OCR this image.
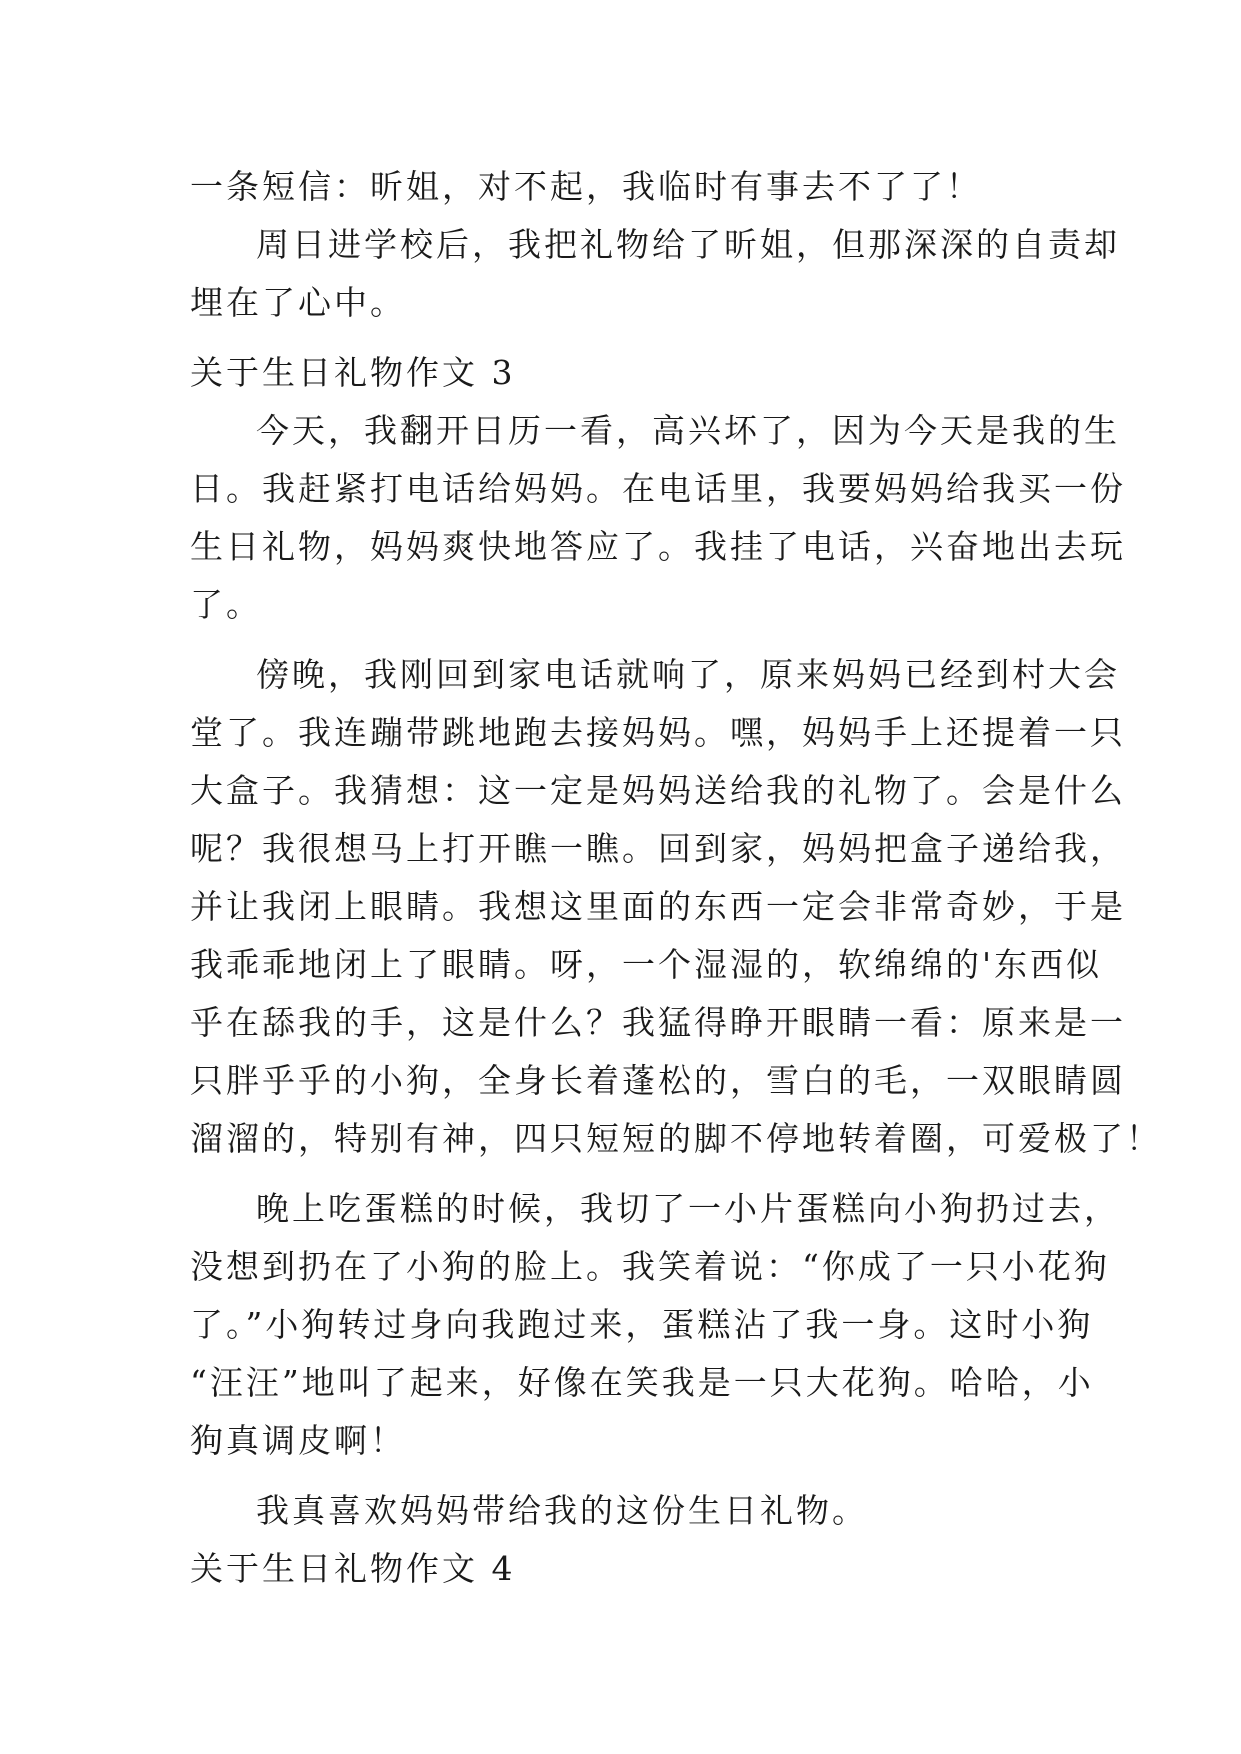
一条短信：昕姐，对不起，我临时有事去不了了！
周日进学校后，我把礼物给了昕姐，但那深深的自责却
埋在了心中。
关于生日礼物作文 3
今天，我翻开日历一看，高兴坏了，因为今天是我的生
日。我赶紧打电话给妈妈。在电话里，我要妈妈给我买一份
生日礼物，妈妈爽快地答应了。我挂了电话，兴奋地出去玩
了。
傍晚，我刚回到家电话就响了，原来妈妈已经到村大会
堂了。我连蹦带跳地跑去接妈妈。嘿，妈妈手上还提着一只
大盒子。我猜想：这一定是妈妈送给我的礼物了。会是什么
呢？我很想马上打开瞧一瞧。回到家，妈妈把盒子递给我，
并让我闭上眼睛。我想这里面的东西一定会非常奇妙，于是
我乖乖地闭上了眼睛。呀，一个湿湿的，软绵绵的'东西似
乎在舔我的手，这是什么？我猛得睁开眼睛一看：原来是一
只胖乎乎的小狗，全身长着蓬松的，雪白的毛，一双眼睛圆
溜溜的，特别有神，四只短短的脚不停地转着圈，可爱极了！
晚上吃蛋糕的时候，我切了一小片蛋糕向小狗扔过去，
没想到扔在了小狗的脸上。我笑着说：“你成了一只小花狗
了。”小狗转过身向我跑过来，蛋糕沾了我一身。这时小狗
“汪汪”地叫了起来，好像在笑我是一只大花狗。哈哈，小
狗真调皮啊！
我真喜欢妈妈带给我的这份生日礼物。
关于生日礼物作文 4
